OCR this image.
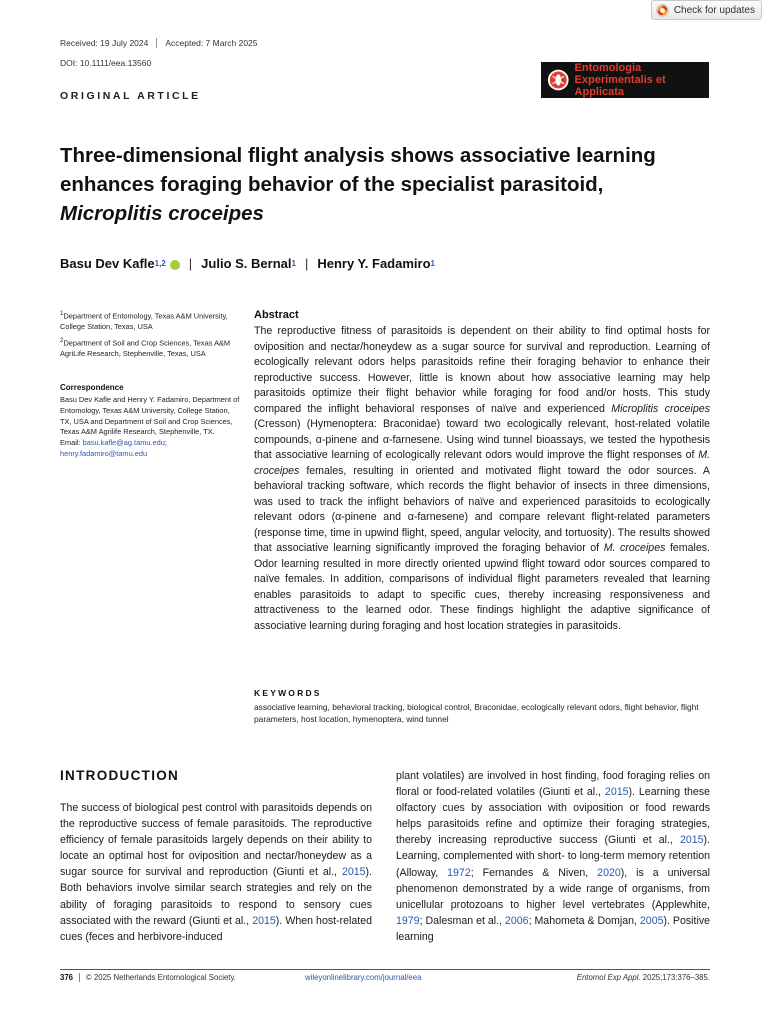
Check for updates
Received: 19 July 2024 Accepted: 7 March 2025
DOI: 10.1111/eea.13560
ORIGINAL ARTICLE
Entomologia
Experimentalis et Applicata
Three-dimensional flight analysis shows associative learning
enhances foraging behavior of the specialist parasitoid,
Microplitis croceipes
Basu Dev Kafle 1,2 | Julio S. Bernal 1 | Henry Y. Fadamiro 1
$^1$Department of Entomology, Texas A&M University, College Station, Texas, USA
$^2$Department of Soil and Crop Sciences, Texas A&M AgriLife Research, Stephenville, Texas, USA
Correspondence
Basu Dev Kafle and Henry Y. Fadamiro, Department of Entomology, Texas A&M University, College Station, TX, USA and Department of Soil and Crop Sciences, Texas A&M Agrilife Research, Stephenville, TX.
Email: basu.kafle@ag.tamu.edu; henry.fadamiro@tamu.edu
Abstract

The reproductive fitness of parasitoids is dependent on their ability to find optimal hosts for oviposition and nectar/honeydew as a sugar source for survival and reproduction. Learning of ecologically relevant odors helps parasitoids refine their foraging behavior to enhance their reproductive success. However, little is known about how associative learning may help parasitoids optimize their flight behavior while foraging for food and/or hosts. This study compared the inflight behavioral responses of naïve and experienced Microplitis croceipes (Cresson) (Hymenoptera: Braconidae) toward two ecologically relevant, host-related volatile compounds, α-pinene and α-farnesene. Using wind tunnel bioassays, we tested the hypothesis that associative learning of ecologically relevant odors would improve the flight responses of M. croceipes females, resulting in oriented and motivated flight toward the odor sources. A behavioral tracking software, which records the flight behavior of insects in three dimensions, was used to track the inflight behaviors of naïve and experienced parasitoids to ecologically relevant odors (α-pinene and α-farnesene) and compare relevant flight-related parameters (response time, time in upwind flight, speed, angular velocity, and tortuosity). The results showed that associative learning significantly improved the foraging behavior of M. croceipes females. Odor learning resulted in more directly oriented upwind flight toward odor sources compared to naïve females. In addition, comparisons of individual flight parameters revealed that learning enables parasitoids to adapt to specific cues, thereby increasing responsiveness and attractiveness to the learned odor. These findings highlight the adaptive significance of associative learning during foraging and host location strategies in parasitoids.

KEYWORDS
associative learning, behavioral tracking, biological control, Braconidae, ecologically relevant odors, flight behavior, flight parameters, host location, hymenoptera, wind tunnel
INTRODUCTION

The success of biological pest control with parasitoids depends on the reproductive success of female parasitoids. The reproductive efficiency of female parasitoids largely depends on their ability to locate an optimal host for oviposition and nectar/honeydew as a sugar source for survival and reproduction (Giunti et al., 2015). Both behaviors involve similar search strategies and rely on the ability of foraging parasitoids to respond to sensory cues associated with the reward (Giunti et al., 2015). When host-related cues (feces and herbivore-induced

plant volatiles) are involved in host finding, food foraging relies on floral or food-related volatiles (Giunti et al., 2015). Learning these olfactory cues by association with oviposition or food rewards helps parasitoids refine and optimize their foraging strategies, thereby increasing reproductive success (Giunti et al., 2015). Learning, complemented with short- to long-term memory retention (Alloway, 1972; Fernandes & Niven, 2020), is a universal phenomenon demonstrated by a wide range of organisms, from unicellular protozoans to higher level vertebrates (Applewhite, 1979; Dalesman et al., 2006; Mahometa & Domjan, 2005). Positive learning

376 © 2025 Netherlands Entomological Society.	wileyonlinelibrary.com/journal/eea	Entomol Exp Appl. 2025;173:376–385.
